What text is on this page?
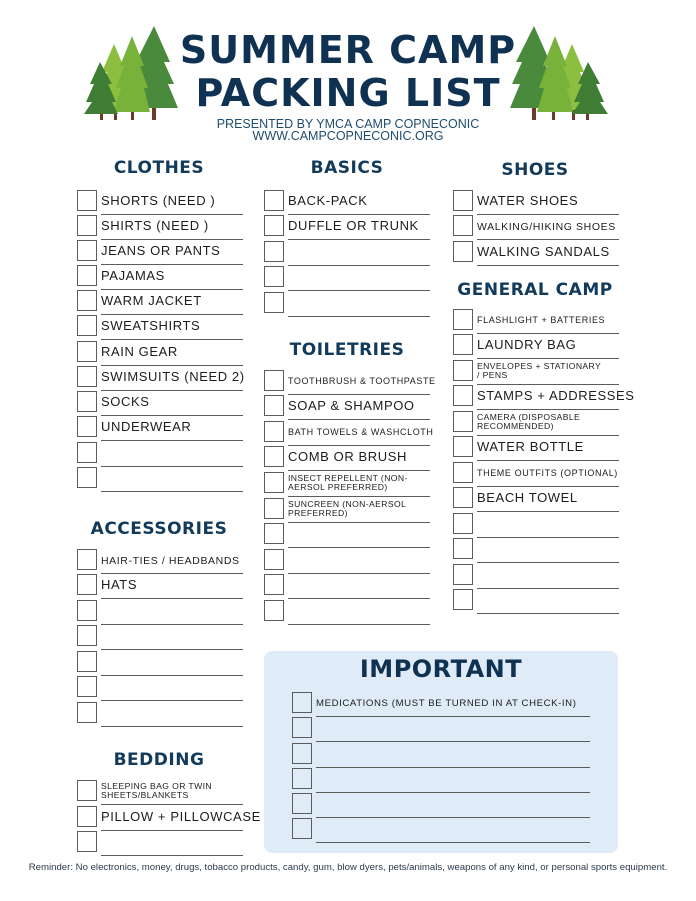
SUMMER CAMP
PACKING LIST
PRESENTED BY YMCA CAMP COPNECONIC
WWW.CAMPCOPNECONIC.ORG
CLOTHES
SHORTS (NEED )
SHIRTS (NEED )
JEANS OR PANTS
PAJAMAS
WARM JACKET
SWEATSHIRTS
RAIN GEAR
SWIMSUITS (NEED 2)
SOCKS
UNDERWEAR
ACCESSORIES
HAIR-TIES / HEADBANDS
HATS
BEDDING
SLEEPING BAG OR TWIN SHEETS/BLANKETS
PILLOW + PILLOWCASE
BASICS
BACK-PACK
DUFFLE OR TRUNK
TOILETRIES
TOOTHBRUSH & TOOTHPASTE
SOAP & SHAMPOO
BATH TOWELS & WASHCLOTH
COMB OR BRUSH
INSECT REPELLENT (NON-AERSOL PREFERRED)
SUNCREEN (NON-AERSOL PREFERRED)
SHOES
WATER SHOES
WALKING/HIKING SHOES
WALKING SANDALS
GENERAL CAMP
FLASHLIGHT + BATTERIES
LAUNDRY BAG
ENVELOPES + STATIONARY / PENS
STAMPS + ADDRESSES
CAMERA (DISPOSABLE RECOMMENDED)
WATER BOTTLE
THEME OUTFITS (OPTIONAL)
BEACH TOWEL
IMPORTANT
MEDICATIONS (MUST BE TURNED IN AT CHECK-IN)
Reminder: No electronics, money, drugs, tobacco products, candy, gum, blow dyers, pets/animals, weapons of any kind, or personal sports equipment.
